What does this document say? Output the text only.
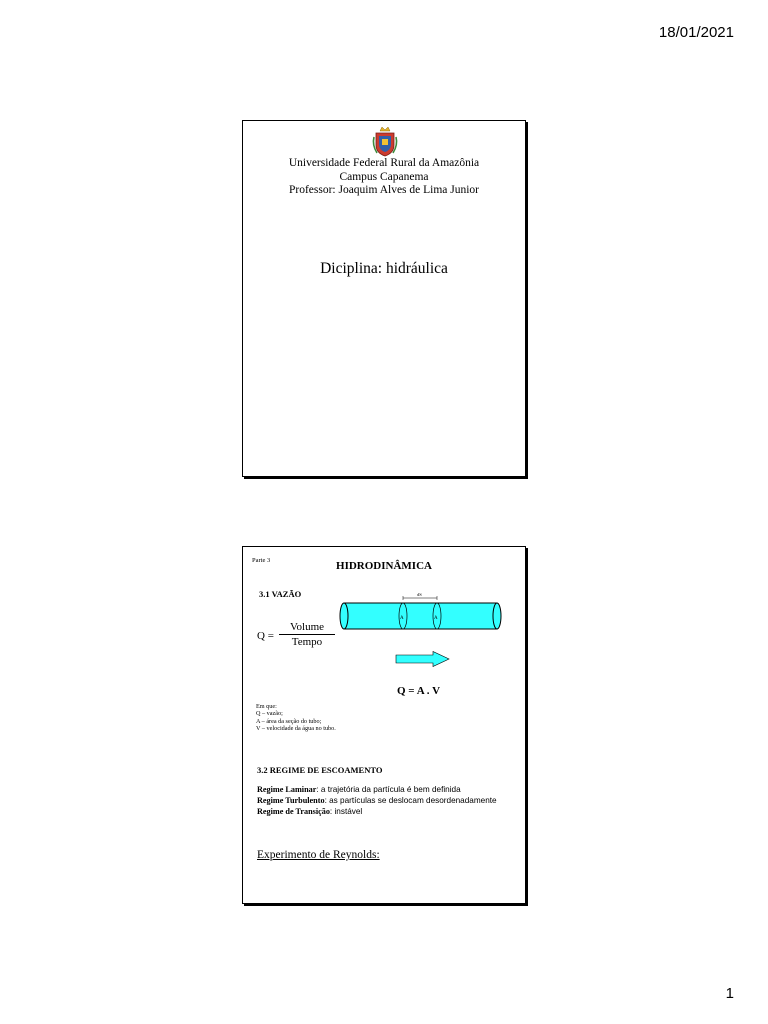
18/01/2021
Universidade Federal Rural da Amazônia
Campus Capanema
Professor: Joaquim Alves de Lima Junior
Diciplina: hidráulica
Parte 3	HIDRODINÂMICA
3.1 VAZÃO
Q =
Volume
Tempo
dS
A	A
Q = A . V
Em que:
Q – vazão;
A – área da seção do tubo;
V – velocidade da água no tubo.
3.2 REGIME DE ESCOAMENTO
Regime Laminar: a trajetória da partícula é bem definida
Regime Turbulento: as partículas se deslocam desordenadamente
Regime de Transição: instável
Experimento de Reynolds:
1
